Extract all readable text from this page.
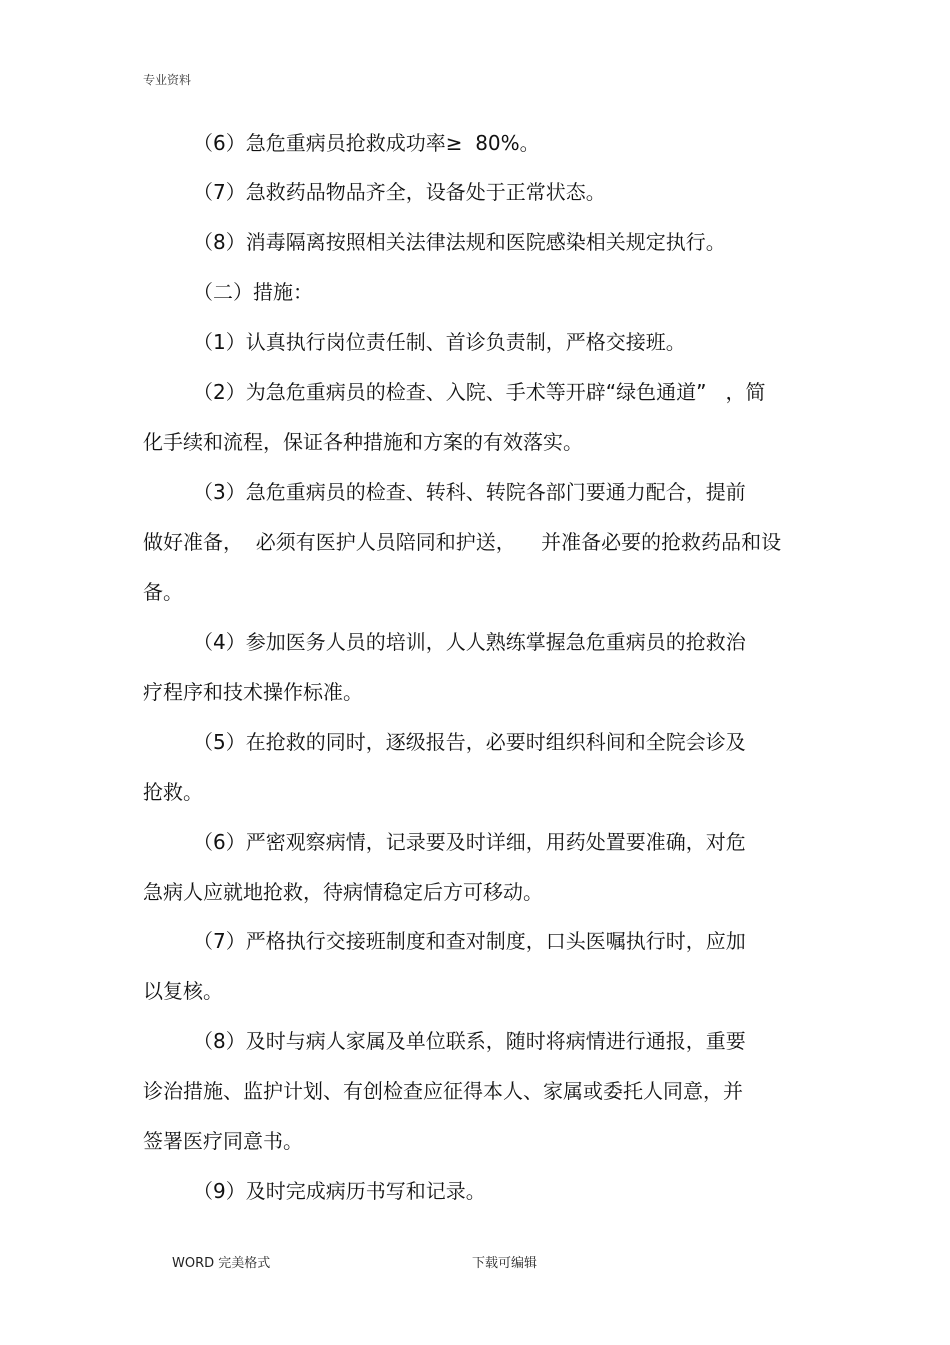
专业资料
（6）急危重病员抢救成功率≥  80%。
（7）急救药品物品齐全，设备处于正常状态。
（8）消毒隔离按照相关法律法规和医院感染相关规定执行。
（二）措施：
（1）认真执行岗位责任制、首诊负责制，严格交接班。
（2）为急危重病员的检查、入院、手术等开辟“绿色通道”   ，简
化手续和流程，保证各种措施和方案的有效落实。
（3）急危重病员的检查、转科、转院各部门要通力配合，提前
做好准备，  必须有医护人员陪同和护送，    并准备必要的抢救药品和设
备。
（4）参加医务人员的培训，人人熟练掌握急危重病员的抢救治
疗程序和技术操作标准。
（5）在抢救的同时，逐级报告，必要时组织科间和全院会诊及
抢救。
（6）严密观察病情，记录要及时详细，用药处置要准确，对危
急病人应就地抢救，待病情稳定后方可移动。
（7）严格执行交接班制度和查对制度，口头医嘱执行时，应加
以复核。
（8）及时与病人家属及单位联系，随时将病情进行通报，重要
诊治措施、监护计划、有创检查应征得本人、家属或委托人同意，并
签署医疗同意书。
（9）及时完成病历书写和记录。
WORD 完美格式	下载可编辑
